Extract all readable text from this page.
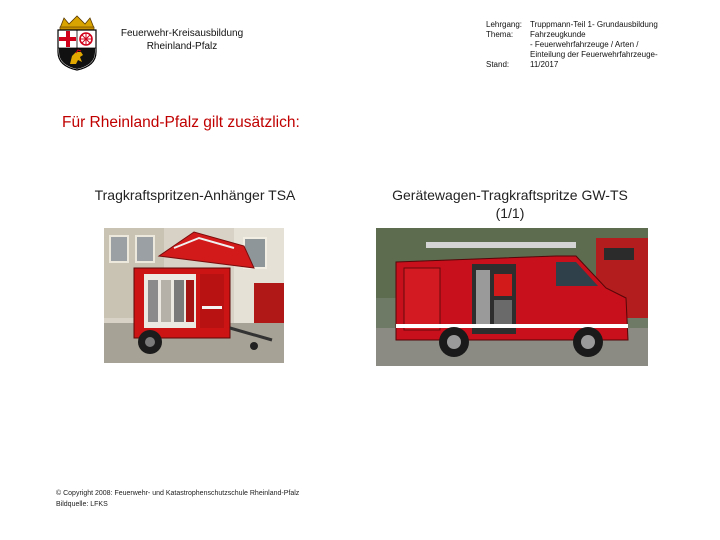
Feuerwehr-Kreisausbildung
Rheinland-Pfalz
Lehrgang: Truppmann-Teil 1- Grundausbildung
Thema:	Fahrzeugkunde
- Feuerwehrfahrzeuge / Arten /
Einteilung der Feuerwehrfahrzeuge-
Stand:	11/2017
Für Rheinland-Pfalz gilt zusätzlich:
Tragkraftspritzen-Anhänger TSA	Gerätewagen-Tragkraftspritze GW-TS
(1/1)
© Copyright 2008: Feuerwehr- und Katastrophenschutzschule Rheinland-Pfalz
Bildquelle: LFKS
